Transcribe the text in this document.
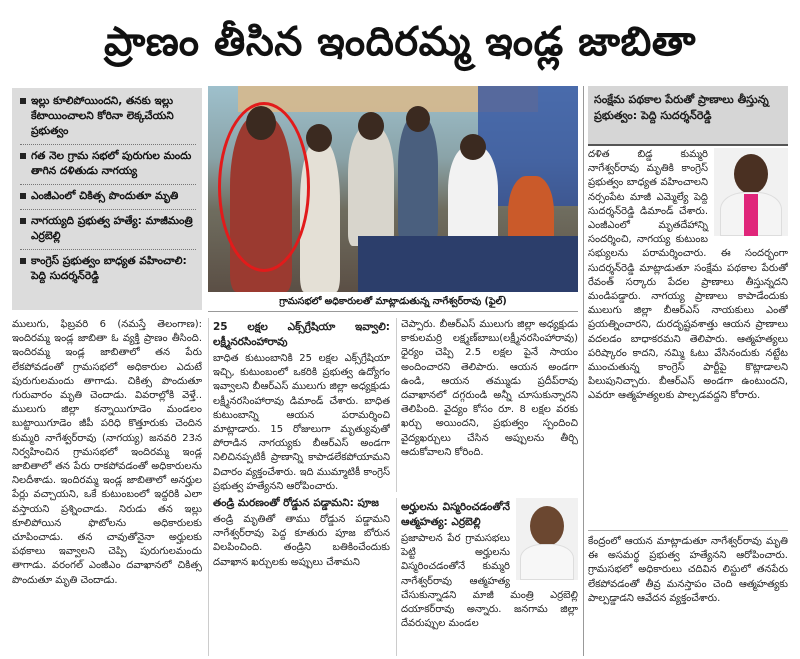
ప్రాణం తీసిన ఇందిరమ్మ ఇండ్ల జాబితా
ఇల్లు కూలిపోయిందని, తనకు ఇల్లు కేటాయించాలని కోరినా లెక్కచేయని ప్రభుత్వం
గత నెల గ్రామ సభలో పురుగుల మందు తాగిన దళితుడు నాగయ్య
ఎంజీఎంలో చికిత్స పొందుతూ మృతి
నాగయ్యది ప్రభుత్వ హత్యే: మాజీమంత్రి ఎర్రబెల్లి
కాంగ్రెస్ ప్రభుత్వం బాధ్యత వహించాలి: పెద్ది సుదర్శన్‌రెడ్డి
గ్రామసభలో అధికారులతో మాట్లాడుతున్న నాగేశ్వర్‌రావు (ఫైల్)
సంక్షేమ పథకాల పేరుతో ప్రాణాలు తీస్తున్న ప్రభుత్వం: పెద్ది సుదర్శన్‌రెడ్డి

ములుగు, ఫిబ్రవరి 6 (నమస్తే తెలంగాణ): ఇందిరమ్మ ఇండ్ల జాబితా ఓ వ్యక్తి ప్రాణం తీసింది. ఇందిరమ్మ ఇండ్ల జాబితాలో తన పేరు లేకపోవడంతో గ్రామసభలో అధికారుల ఎదుటే పురుగులమందు తాగాడు. చికిత్స పొందుతూ గురువారం మృతి చెందాడు. వివరాల్లోకి వెళ్తే.. ములుగు జిల్లా కన్నాయిగూడెం మండలం బుట్టాయిగూడెం జీపీ పరిధి కొత్తూరుకు చెందిన కుమ్మరి నాగేశ్వర్‌రావు (నాగయ్య) జనవరి 23న నిర్వహించిన గ్రామసభలో ఇందిరమ్మ ఇండ్ల జాబితాలో తన పేరు రాకపోవడంతో అధికారులను నిలదీశాడు. ఇందిరమ్మ ఇండ్ల జాబితాలో అనర్హుల పేర్లు వచ్చాయని, ఒకే కుటుంబంలో ఇద్దరికి ఎలా వస్తాయని ప్రశ్నించాడు. నిరుడు తన ఇల్లు కూలిపోయిన ఫొటోలను అధికారులకు చూపించాడు. తన చావుతోనైనా అర్హులకు పథకాలు ఇవ్వాలని చెప్పి పురుగులమందు తాగాడు. వరంగల్ ఎంజీఎం దవాఖానలో చికిత్స పొందుతూ మృతి చెందాడు.

25 లక్షల ఎక్స్‌గ్రేషియా ఇవ్వాలి: లక్ష్మీనరసింహారావు

బాధిత కుటుంబానికి 25 లక్షల ఎక్స్‌గ్రేషియా ఇచ్చి, కుటుంబంలో ఒకరికి ప్రభుత్వ ఉద్యోగం ఇవ్వాలని బీఆర్‌ఎస్ ములుగు జిల్లా అధ్యక్షుడు లక్ష్మీనరసింహారావు డిమాండ్ చేశారు. బాధిత కుటుంబాన్ని ఆయన పరామర్శించి మాట్లాడారు. 15 రోజులుగా మృత్యువుతో పోరాడిన నాగయ్యకు బీఆర్‌ఎస్ అండగా నిలిచినప్పటికీ ప్రాణాన్ని కాపాడలేకపోయామని విచారం వ్యక్తంచేశారు. ఇది ముమ్మాటికీ కాంగ్రెస్ ప్రభుత్వ హత్యేనని ఆరోపించారు.

తండ్రి మరణంతో రోడ్డున పడ్డామని: పూజ

తండ్రి మృతితో తాము రోడ్డున పడ్డామని నాగేశ్వర్‌రావు పెద్ద కూతురు పూజ బోరున విలపించింది. తండ్రిని బతికించేందుకు దవాఖాన ఖర్చులకు అప్పులు చేశామని

చెప్పారు. బీఆర్‌ఎస్ ములుగు జిల్లా అధ్యక్షుడు కాకులమర్రి లక్ష్మణ్‌బాబు(లక్ష్మీనరసింహారావు) ధైర్యం చెప్పి 2.5 లక్షల పైనే సాయం అందించారని తెలిపారు. ఆయన అండగా ఉండి, ఆయన తమ్ముడు ప్రదీప్‌రావు దవాఖానలో దగ్గరుండి అన్నీ చూసుకున్నారని తెలిపింది. వైద్యం కోసం రూ. 8 లక్షల వరకు ఖర్చు అయిందని, ప్రభుత్వం స్పందించి వైద్యఖర్చులు చేసిన అప్పులను తీర్చి ఆదుకోవాలని కోరింది.

అర్హులను విస్మరించడంతోనే ఆత్మహత్య: ఎర్రబెల్లి

ప్రజాపాలన పేర గ్రామసభలు పెట్టి అర్హులను విస్మరించడంతోనే కుమ్మరి నాగేశ్వర్‌రావు ఆత్మహత్య చేసుకున్నాడని మాజీ మంత్రి ఎర్రబెల్లి దయాకర్‌రావు అన్నారు. జనగామ జిల్లా దేవరుప్పుల మండల

దళిత బిడ్డ కుమ్మరి నాగేశ్వర్‌రావు మృతికి కాంగ్రెస్ ప్రభుత్వం బాధ్యత వహించాలని నర్సంపేట మాజీ ఎమ్మెల్యే పెద్ది సుదర్శన్‌రెడ్డి డిమాండ్ చేశారు. ఎంజీఎంలో మృతదేహాన్ని సందర్శించి, నాగయ్య కుటుంబ సభ్యులను పరామర్శించారు. ఈ సందర్భంగా సుదర్శన్‌రెడ్డి మాట్లాడుతూ సంక్షేమ పథకాల పేరుతో రేవంత్ సర్కారు పేదల ప్రాణాలు తీస్తున్నదని మండిపడ్డారు. నాగయ్య ప్రాణాలు కాపాడేందుకు ములుగు జిల్లా బీఆర్‌ఎస్ నాయకులు ఎంతో ప్రయత్నించారని, దురదృష్టవశాత్తు ఆయన ప్రాణాలు వదలడం బాధాకరమని తెలిపారు. ఆత్మహత్యలు పరిష్కారం కాదని, నమ్మి ఓటు వేసినందుకు నట్టేట ముంచుతున్న కాంగ్రెస్ పార్టీపై కొట్లాడాలని పిలుపునిచ్చారు. బీఆర్‌ఎస్ అండగా ఉంటుందని, ఎవరూ ఆత్మహత్యలకు పాల్పడవద్దని కోరారు.

కేంద్రంలో ఆయన మాట్లాడుతూ నాగేశ్వర్‌రావు మృతి ఈ అసమర్థ ప్రభుత్వ హత్యేనని ఆరోపించారు. గ్రామసభలో అధికారులు చదివిన లిస్టులో తనపేరు లేకపోవడంతో తీవ్ర మనస్తాపం చెంది ఆత్మహత్యకు పాల్పడ్డాడని ఆవేదన వ్యక్తంచేశారు.
